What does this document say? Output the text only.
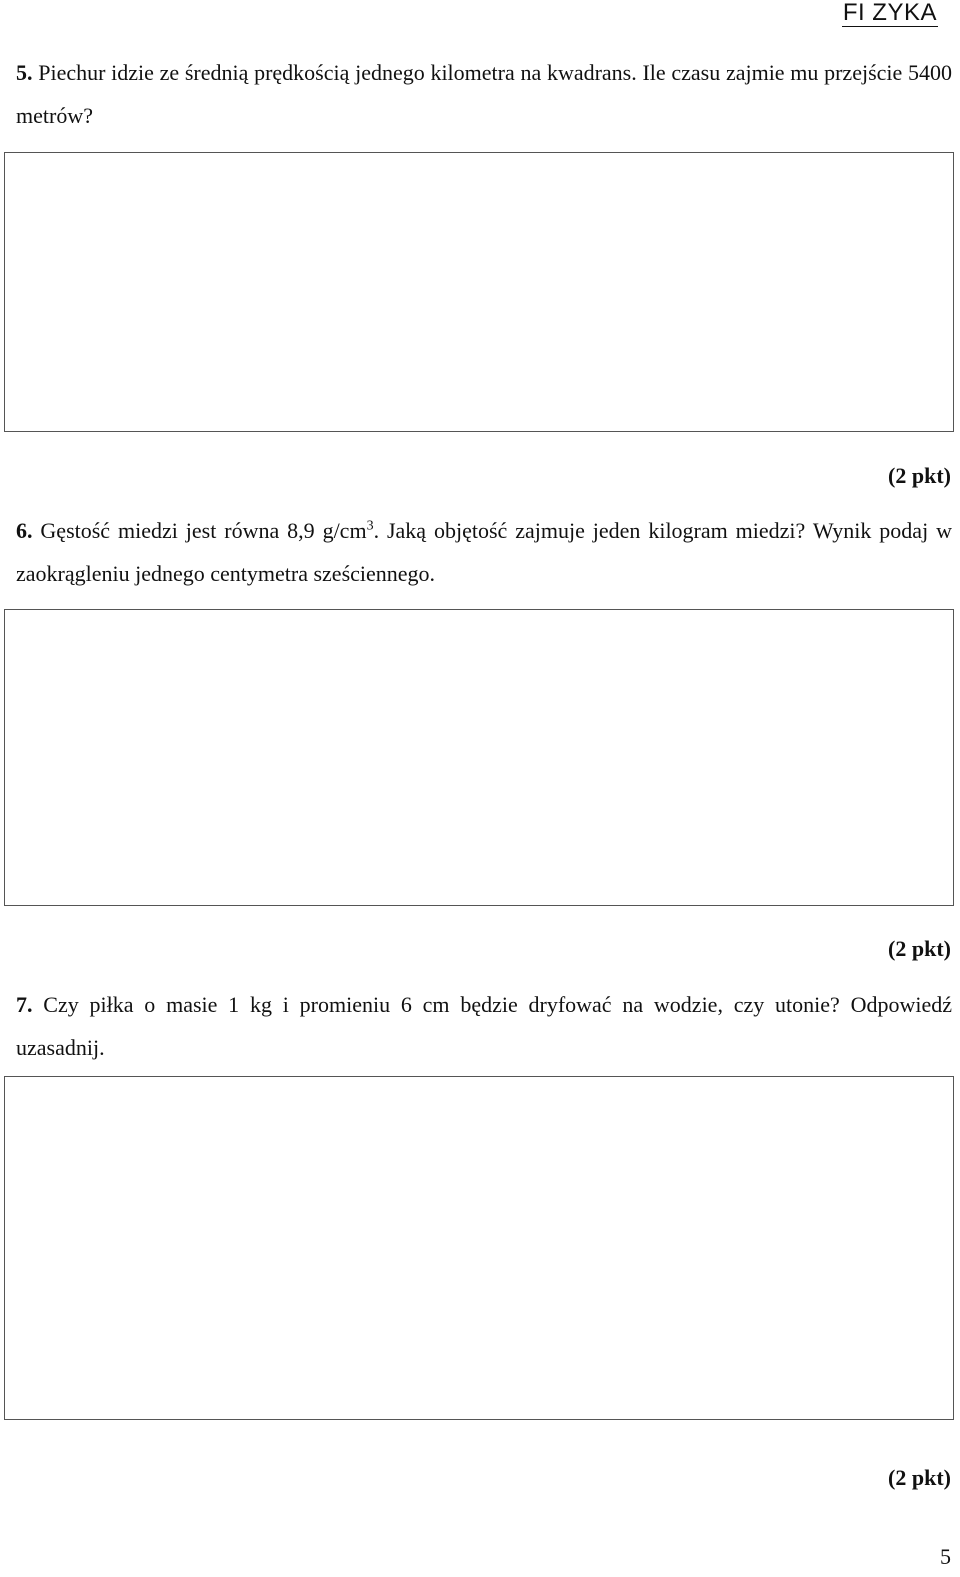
FI ZYKA
5. Piechur idzie ze średnią prędkością jednego kilometra na kwadrans. Ile czasu zajmie mu przejście 5400 metrów?
(2 pkt)
6. Gęstość miedzi jest równa 8,9 $g/cm^3$. Jaką objętość zajmuje jeden kilogram miedzi? Wynik podaj w zaokrągleniu jednego centymetra sześciennego.
(2 pkt)
7. Czy piłka o masie 1 kg i promieniu 6 cm będzie dryfować na wodzie, czy utonie? Odpowiedź uzasadnij.
(2 pkt)
5
